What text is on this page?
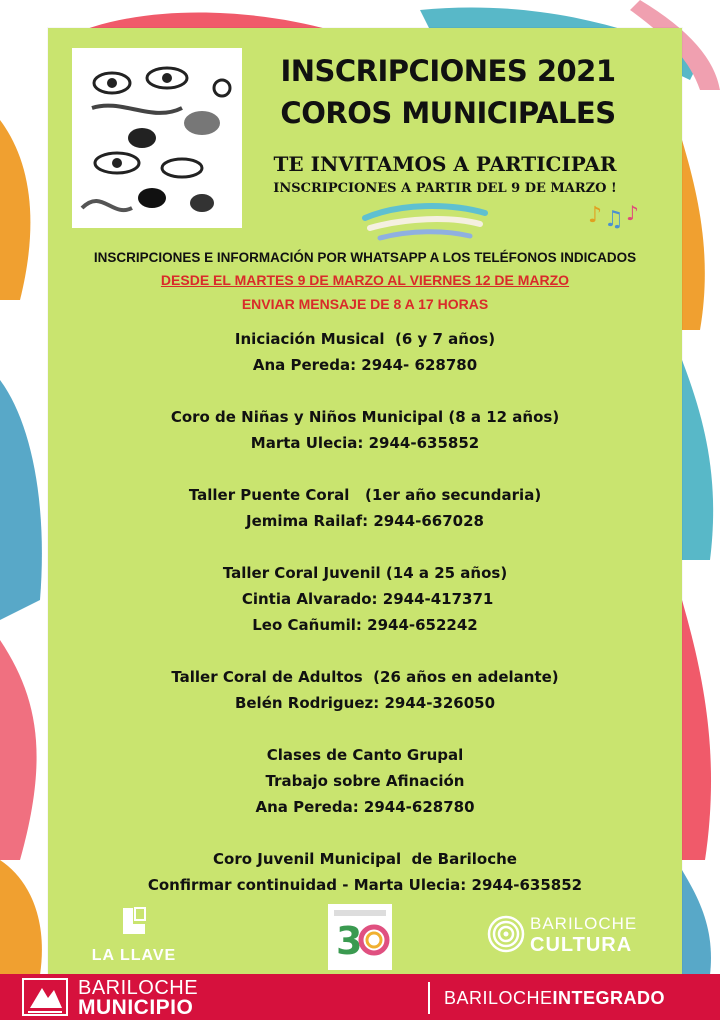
INSCRIPCIONES 2021
COROS MUNICIPALES
TE INVITAMOS A PARTICIPAR
INSCRIPCIONES A PARTIR DEL 9 DE MARZO !
♪ ♫ ♪
INSCRIPCIONES E INFORMACIÓN POR WHATSAPP A LOS TELÉFONOS INDICADOS
DESDE EL MARTES 9 DE MARZO AL VIERNES 12 DE MARZO
ENVIAR MENSAJE DE 8 A 17 HORAS
Iniciación Musical  (6 y 7 años)
Ana Pereda: 2944- 628780
Coro de Niñas y Niños Municipal (8 a 12 años)
Marta Ulecia: 2944-635852
Taller Puente Coral   (1er año secundaria)
Jemima Railaf: 2944-667028
Taller Coral Juvenil (14 a 25 años)
Cintia Alvarado: 2944-417371
Leo Cañumil: 2944-652242
Taller Coral de Adultos  (26 años en adelante)
Belén Rodriguez: 2944-326050
Clases de Canto Grupal
Trabajo sobre Afinación
Ana Pereda: 2944-628780
Coro Juvenil Municipal  de Bariloche
Confirmar continuidad - Marta Ulecia: 2944-635852
LA LLAVE	3	BARILOCHE
CULTURA
BARILOCHE
MUNICIPIO	BARILOCHEINTEGRADO
